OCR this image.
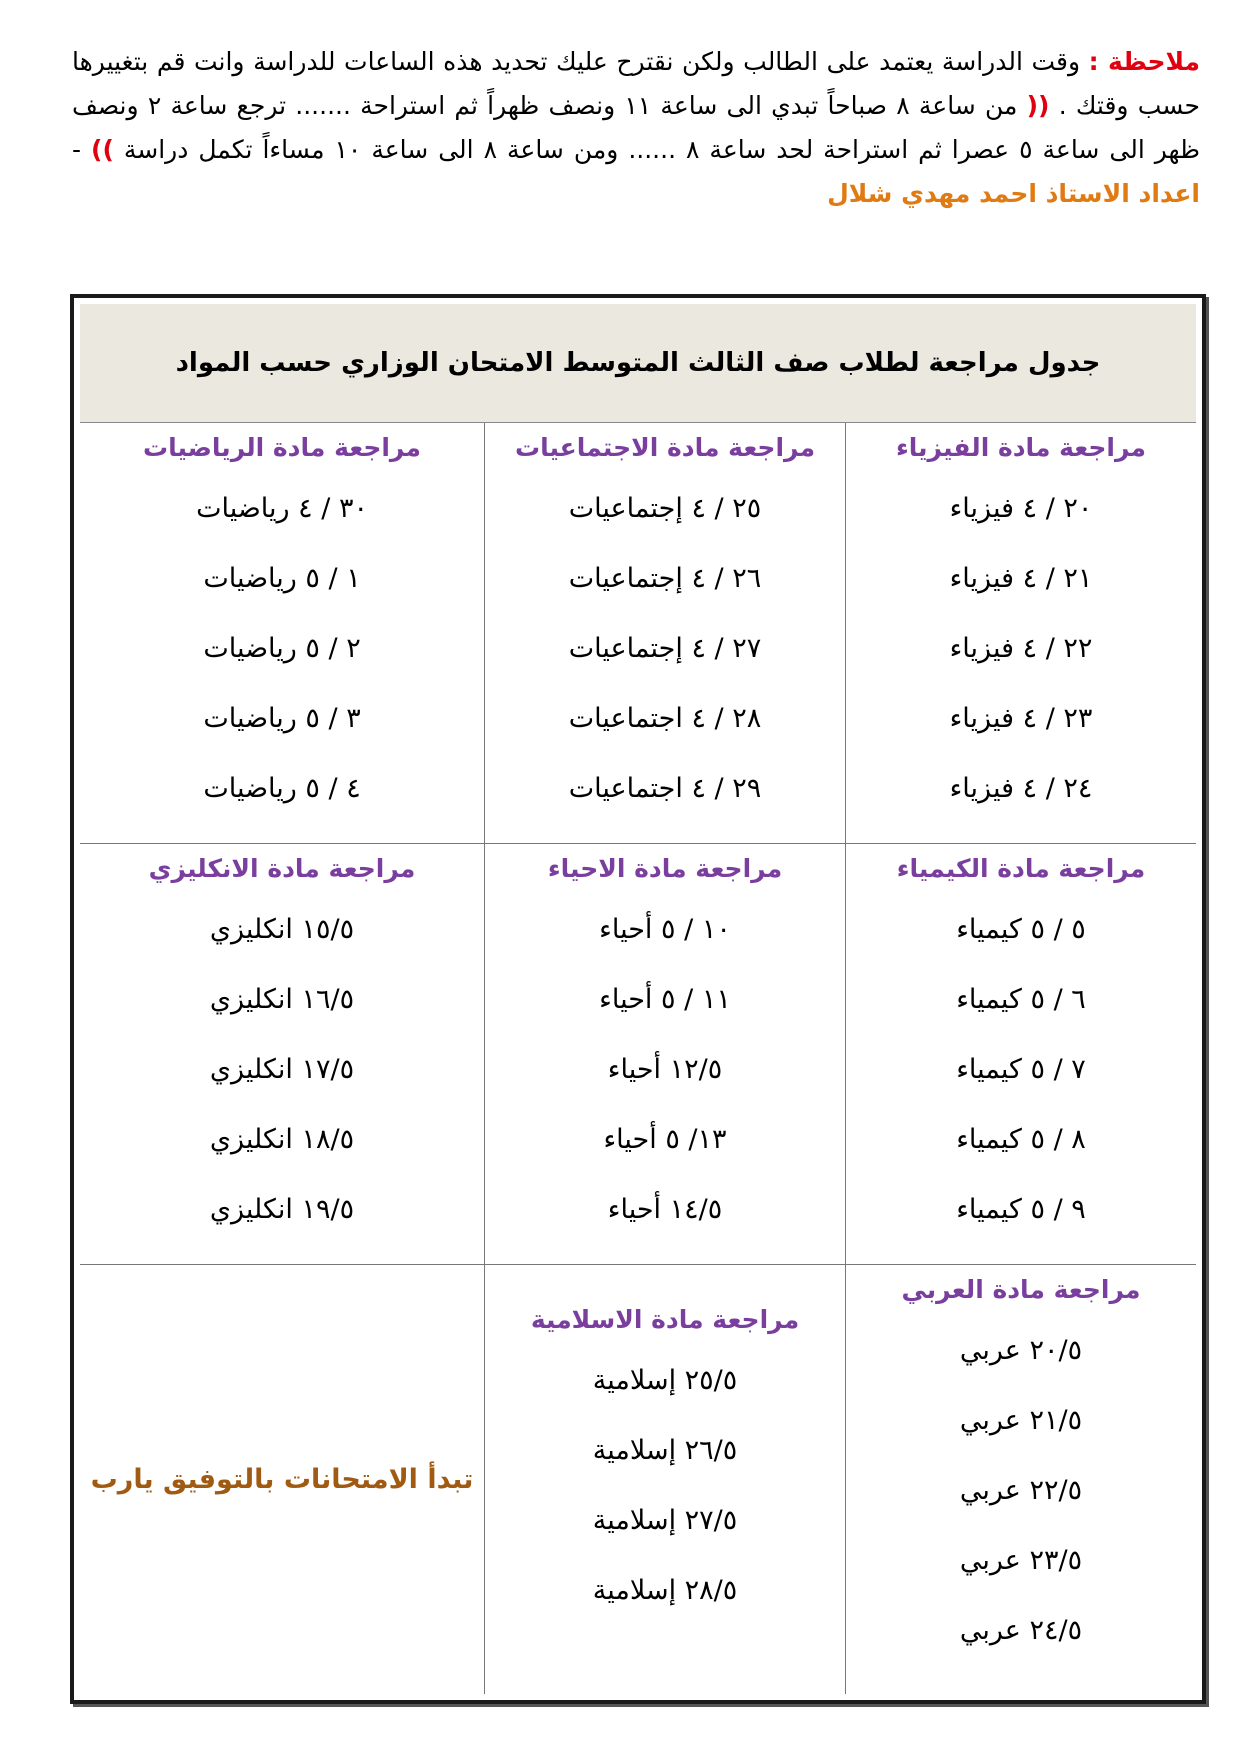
ملاحظة : وقت الدراسة يعتمد على الطالب ولكن نقترح عليك تحديد هذه الساعات للدراسة وانت قم بتغييرها حسب وقتك . (( من ساعة ٨ صباحاً تبدي الى ساعة ١١ ونصف ظهراً ثم استراحة ....... ترجع ساعة ٢ ونصف ظهر الى ساعة ٥ عصرا ثم استراحة لحد ساعة ٨ ...... ومن ساعة ٨ الى ساعة ١٠ مساءاً تكمل دراسة )) - اعداد الاستاذ احمد مهدي شلال
جدول مراجعة لطلاب صف الثالث المتوسط الامتحان الوزاري حسب المواد
مراجعة مادة الفيزياء
٢٠ / ٤ فيزياء
٢١ / ٤ فيزياء
٢٢ / ٤ فيزياء
٢٣ / ٤ فيزياء
٢٤ / ٤ فيزياء
مراجعة مادة الاجتماعيات
٢٥ / ٤ إجتماعيات
٢٦ / ٤ إجتماعيات
٢٧ / ٤ إجتماعيات
٢٨ / ٤ اجتماعيات
٢٩ / ٤ اجتماعيات
مراجعة مادة الرياضيات
٣٠ / ٤ رياضيات
١ / ٥ رياضيات
٢ / ٥ رياضيات
٣ / ٥ رياضيات
٤ / ٥ رياضيات
مراجعة مادة الكيمياء
٥ / ٥ كيمياء
٦ / ٥ كيمياء
٧ / ٥ كيمياء
٨ / ٥ كيمياء
٩ / ٥ كيمياء
مراجعة مادة الاحياء
١٠ / ٥ أحياء
١١ / ٥ أحياء
١٢/٥ أحياء
١٣/ ٥ أحياء
١٤/٥ أحياء
مراجعة مادة الانكليزي
١٥/٥ انكليزي
١٦/٥ انكليزي
١٧/٥ انكليزي
١٨/٥ انكليزي
١٩/٥ انكليزي
مراجعة مادة العربي
٢٠/٥ عربي
٢١/٥ عربي
٢٢/٥ عربي
٢٣/٥ عربي
٢٤/٥ عربي
مراجعة مادة الاسلامية
٢٥/٥ إسلامية
٢٦/٥ إسلامية
٢٧/٥ إسلامية
٢٨/٥ إسلامية
تبدأ الامتحانات بالتوفيق يارب
